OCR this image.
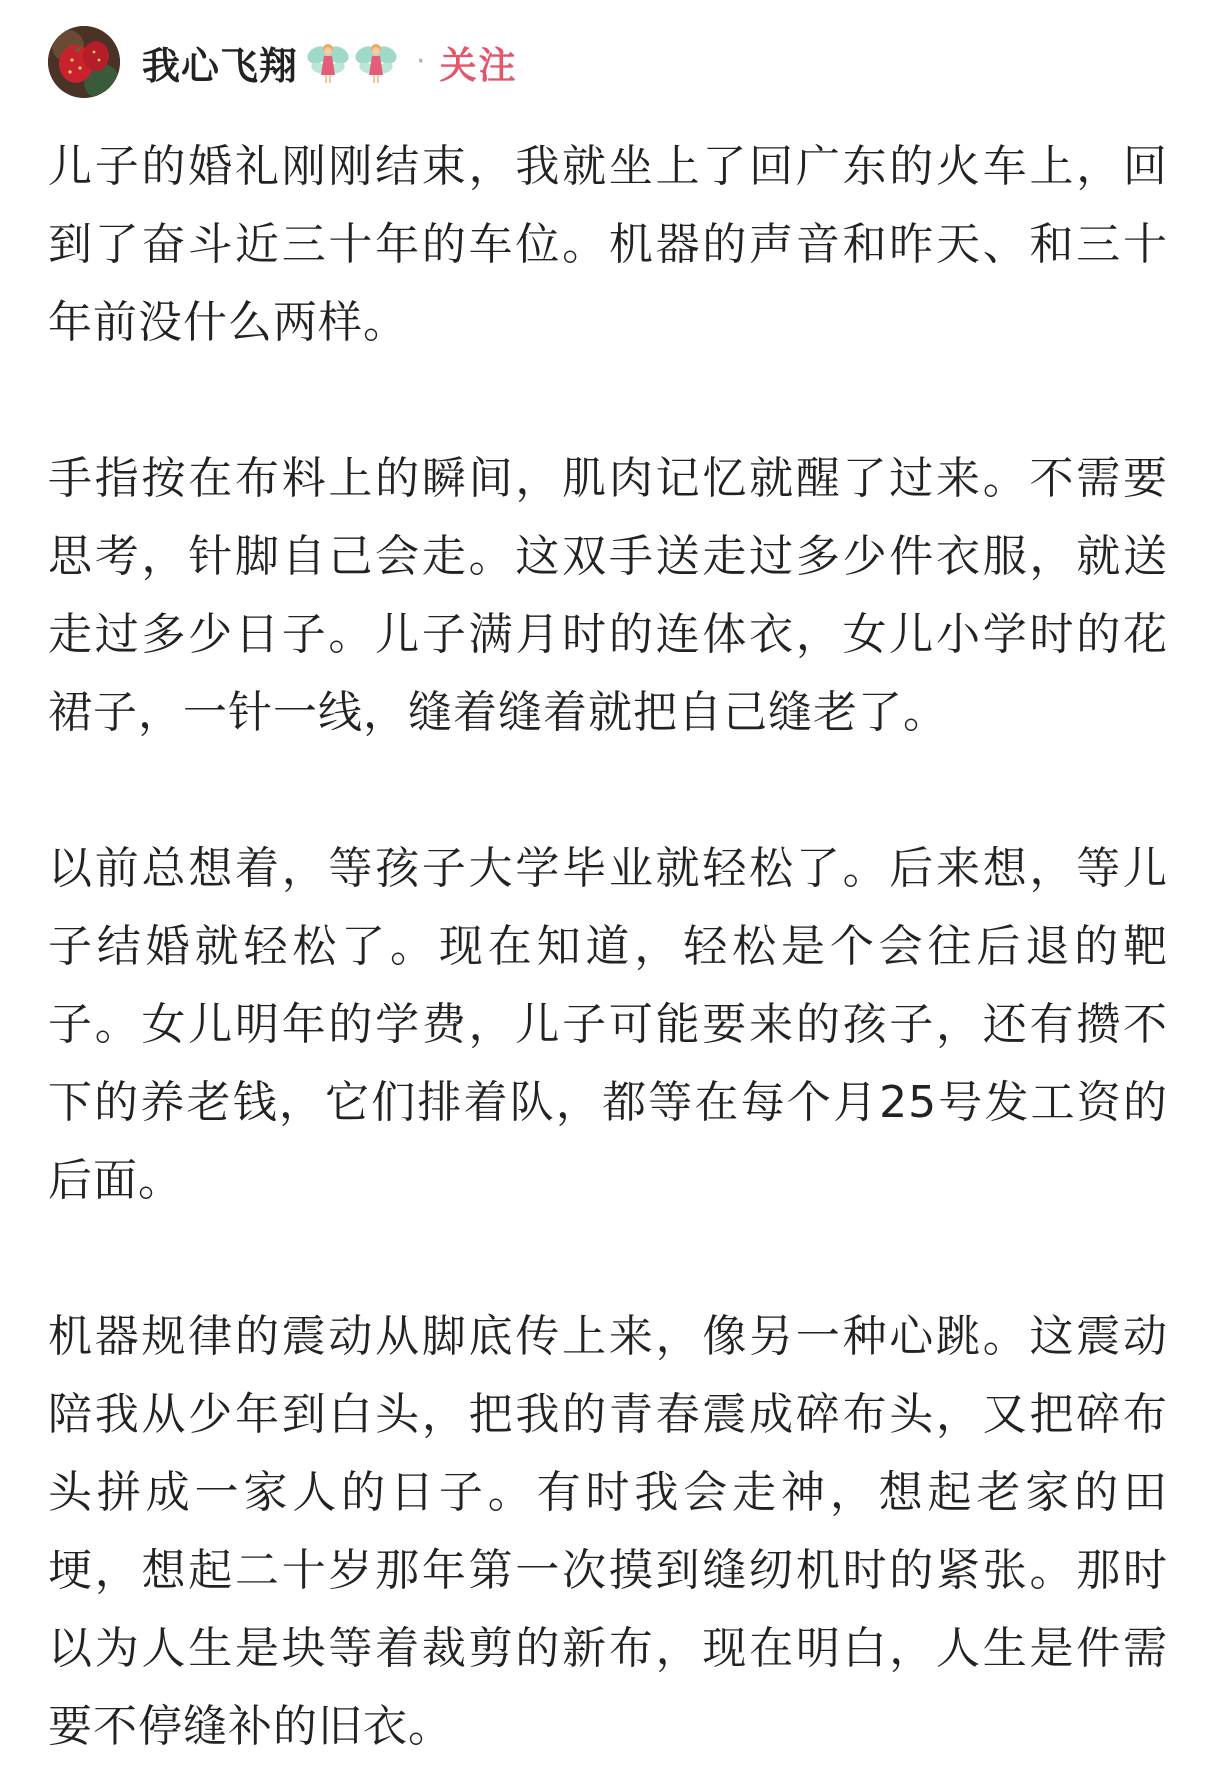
我心飞翔	· 关注

儿子的婚礼刚刚结束，我就坐上了回广东的火车上，回到了奋斗近三十年的车位。机器的声音和昨天、和三十年前没什么两样。

手指按在布料上的瞬间，肌肉记忆就醒了过来。不需要思考，针脚自己会走。这双手送走过多少件衣服，就送走过多少日子。儿子满月时的连体衣，女儿小学时的花裙子，一针一线，缝着缝着就把自己缝老了。

以前总想着，等孩子大学毕业就轻松了。后来想，等儿子结婚就轻松了。现在知道，轻松是个会往后退的靶子。女儿明年的学费，儿子可能要来的孩子，还有攒不下的养老钱，它们排着队，都等在每个月25号发工资的后面。

机器规律的震动从脚底传上来，像另一种心跳。这震动陪我从少年到白头，把我的青春震成碎布头，又把碎布头拼成一家人的日子。有时我会走神，想起老家的田埂，想起二十岁那年第一次摸到缝纫机时的紧张。那时以为人生是块等着裁剪的新布，现在明白，人生是件需要不停缝补的旧衣。
